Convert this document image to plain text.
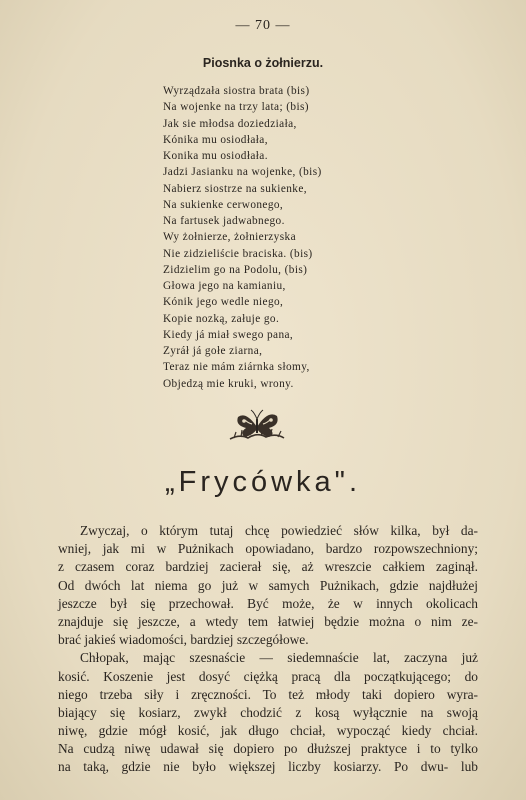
— 70 —
Piosnka o żołnierzu.
Wyrządzała siostra brata (bis)
Na wojenke na trzy lata; (bis)
Jak sie młodsa doziedziała,
Kónika mu osiodłała,
Konika mu osiodłała.
Jadzi Jasianku na wojenke, (bis)
Nabierz siostrze na sukienke,
Na sukienke cerwonego,
Na fartusek jadwabnego.
Wy żołnierze, żołnierzyska
Nie zidzieliście braciska. (bis)
Zidzielim go na Podolu, (bis)
Głowa jego na kamianiu,
Kónik jego wedle niego,
Kopie nozką, załuje go.
Kiedy já miał swego pana,
Zyráł já gołe ziarna,
Teraz nie mám ziárnka słomy,
Objedzą mie kruki, wrony.
„Frycówka".
Zwyczaj, o którym tutaj chcę powiedzieć słów kilka, był da-
wniej, jak mi w Pużnikach opowiadano, bardzo rozpowszechniony;
z czasem coraz bardziej zacierał się, aż wreszcie całkiem zaginął.
Od dwóch lat niema go już w samych Pużnikach, gdzie najdłużej
jeszcze był się przechował. Być może, że w innych okolicach
znajduje się jeszcze, a wtedy tem łatwiej będzie można o nim ze-
brać jakieś wiadomości, bardziej szczegółowe.
Chłopak, mając szesnaście — siedemnaście lat, zaczyna już
kosić. Koszenie jest dosyć ciężką pracą dla początkującego; do
niego trzeba siły i zręczności. To też młody taki dopiero wyra-
biający się kosiarz, zwykł chodzić z kosą wyłącznie na swoją
niwę, gdzie mógł kosić, jak długo chciał, wypocząć kiedy chciał.
Na cudzą niwę udawał się dopiero po dłuższej praktyce i to tylko
na taką, gdzie nie było większej liczby kosiarzy. Po dwu- lub
